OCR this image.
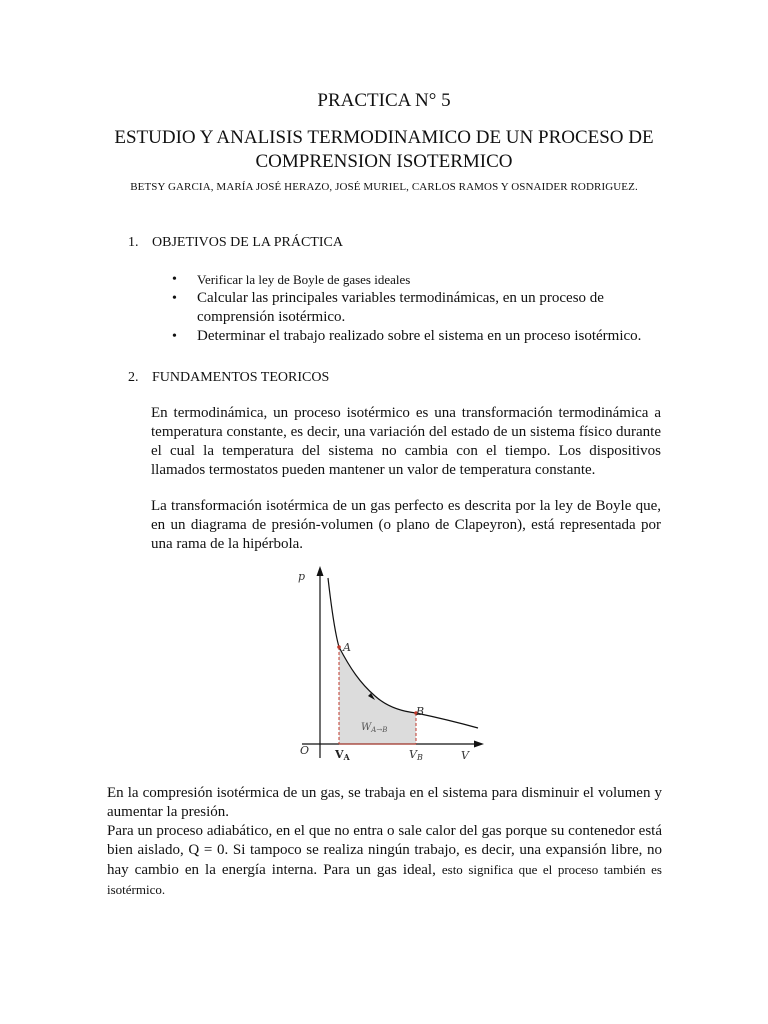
PRACTICA N° 5
ESTUDIO Y ANALISIS TERMODINAMICO DE UN PROCESO DE
COMPRENSION ISOTERMICO
BETSY GARCIA, MARÍA JOSÉ HERAZO, JOSÉ MURIEL, CARLOS RAMOS Y OSNAIDER RODRIGUEZ.
1. OBJETIVOS DE LA PRÁCTICA
• Verificar la ley de Boyle de gases ideales
• Calcular las principales variables termodinámicas, en un proceso de comprensión isotérmico.
• Determinar el trabajo realizado sobre el sistema en un proceso isotérmico.
2. FUNDAMENTOS TEORICOS

En termodinámica, un proceso isotérmico es una transformación termodinámica a temperatura constante, es decir, una variación del estado de un sistema físico durante el cual la temperatura del sistema no cambia con el tiempo. Los dispositivos llamados termostatos pueden mantener un valor de temperatura constante.

La transformación isotérmica de un gas perfecto es descrita por la ley de Boyle que, en un diagrama de presión-volumen (o plano de Clapeyron), está representada por una rama de la hipérbola.

p
V
O
A
B
$W_{A\to B}$
VA	VB

En la compresión isotérmica de un gas, se trabaja en el sistema para disminuir el volumen y aumentar la presión.

Para un proceso adiabático, en el que no entra o sale calor del gas porque su contenedor está bien aislado, Q = 0. Si tampoco se realiza ningún trabajo, es decir, una expansión libre, no hay cambio en la energía interna. Para un gas ideal, esto significa que el proceso también es isotérmico.
